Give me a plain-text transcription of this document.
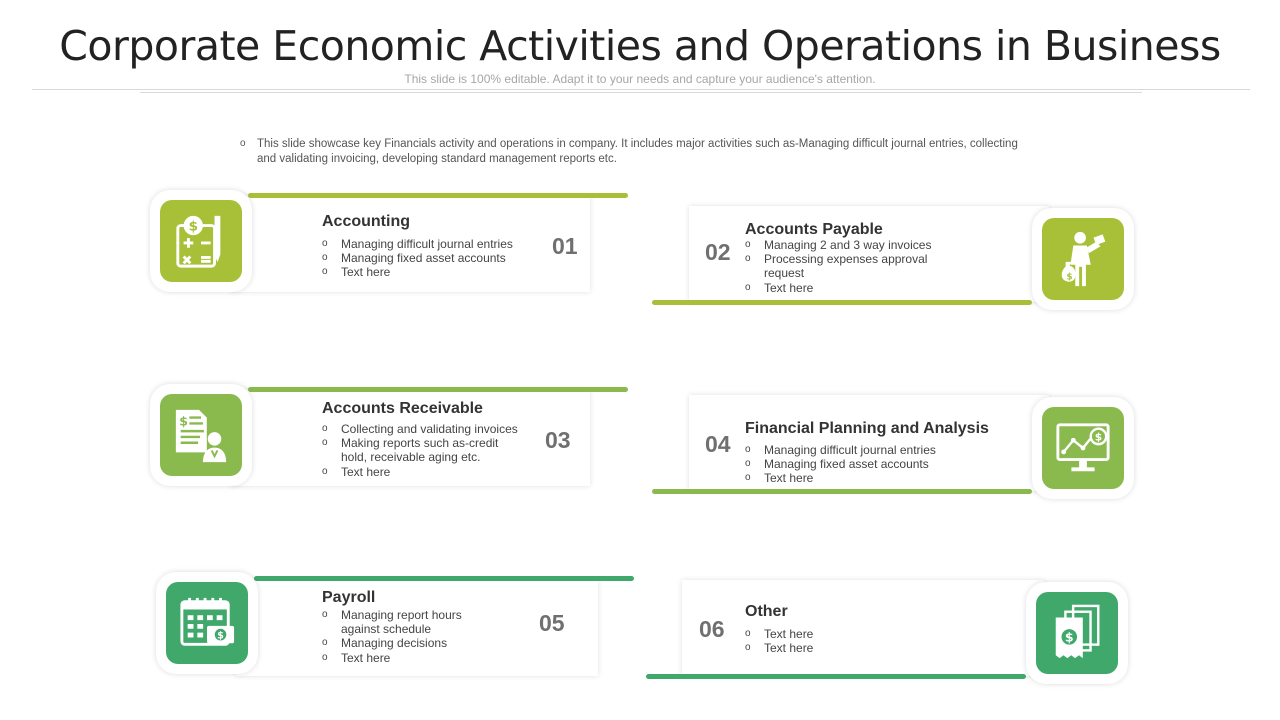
Corporate Economic Activities and Operations in Business
This slide is 100% editable. Adapt it to your needs and capture your audience's attention.
o This slide showcase key Financials activity and operations in company. It includes major activities such as-Managing difficult journal entries, collecting and validating invoicing, developing standard management reports etc.
$	Accounting
o Managing difficult journal entries
o Managing fixed asset accounts
o Text here
01
$
Accounts Payable
o Managing 2 and 3 way invoices
o Processing expenses approval request
o Text here
02
$
Accounts Receivable
o Collecting and validating invoices
o Making reports such as-credit hold, receivable aging etc.
o Text here
03	$
Financial Planning and Analysis
o Managing difficult journal entries
o Managing fixed asset accounts
o Text here
04
$
Payroll
o Managing report hours against schedule
o Managing decisions
o Text here
05
$
Other
o Text here
o Text here
06
